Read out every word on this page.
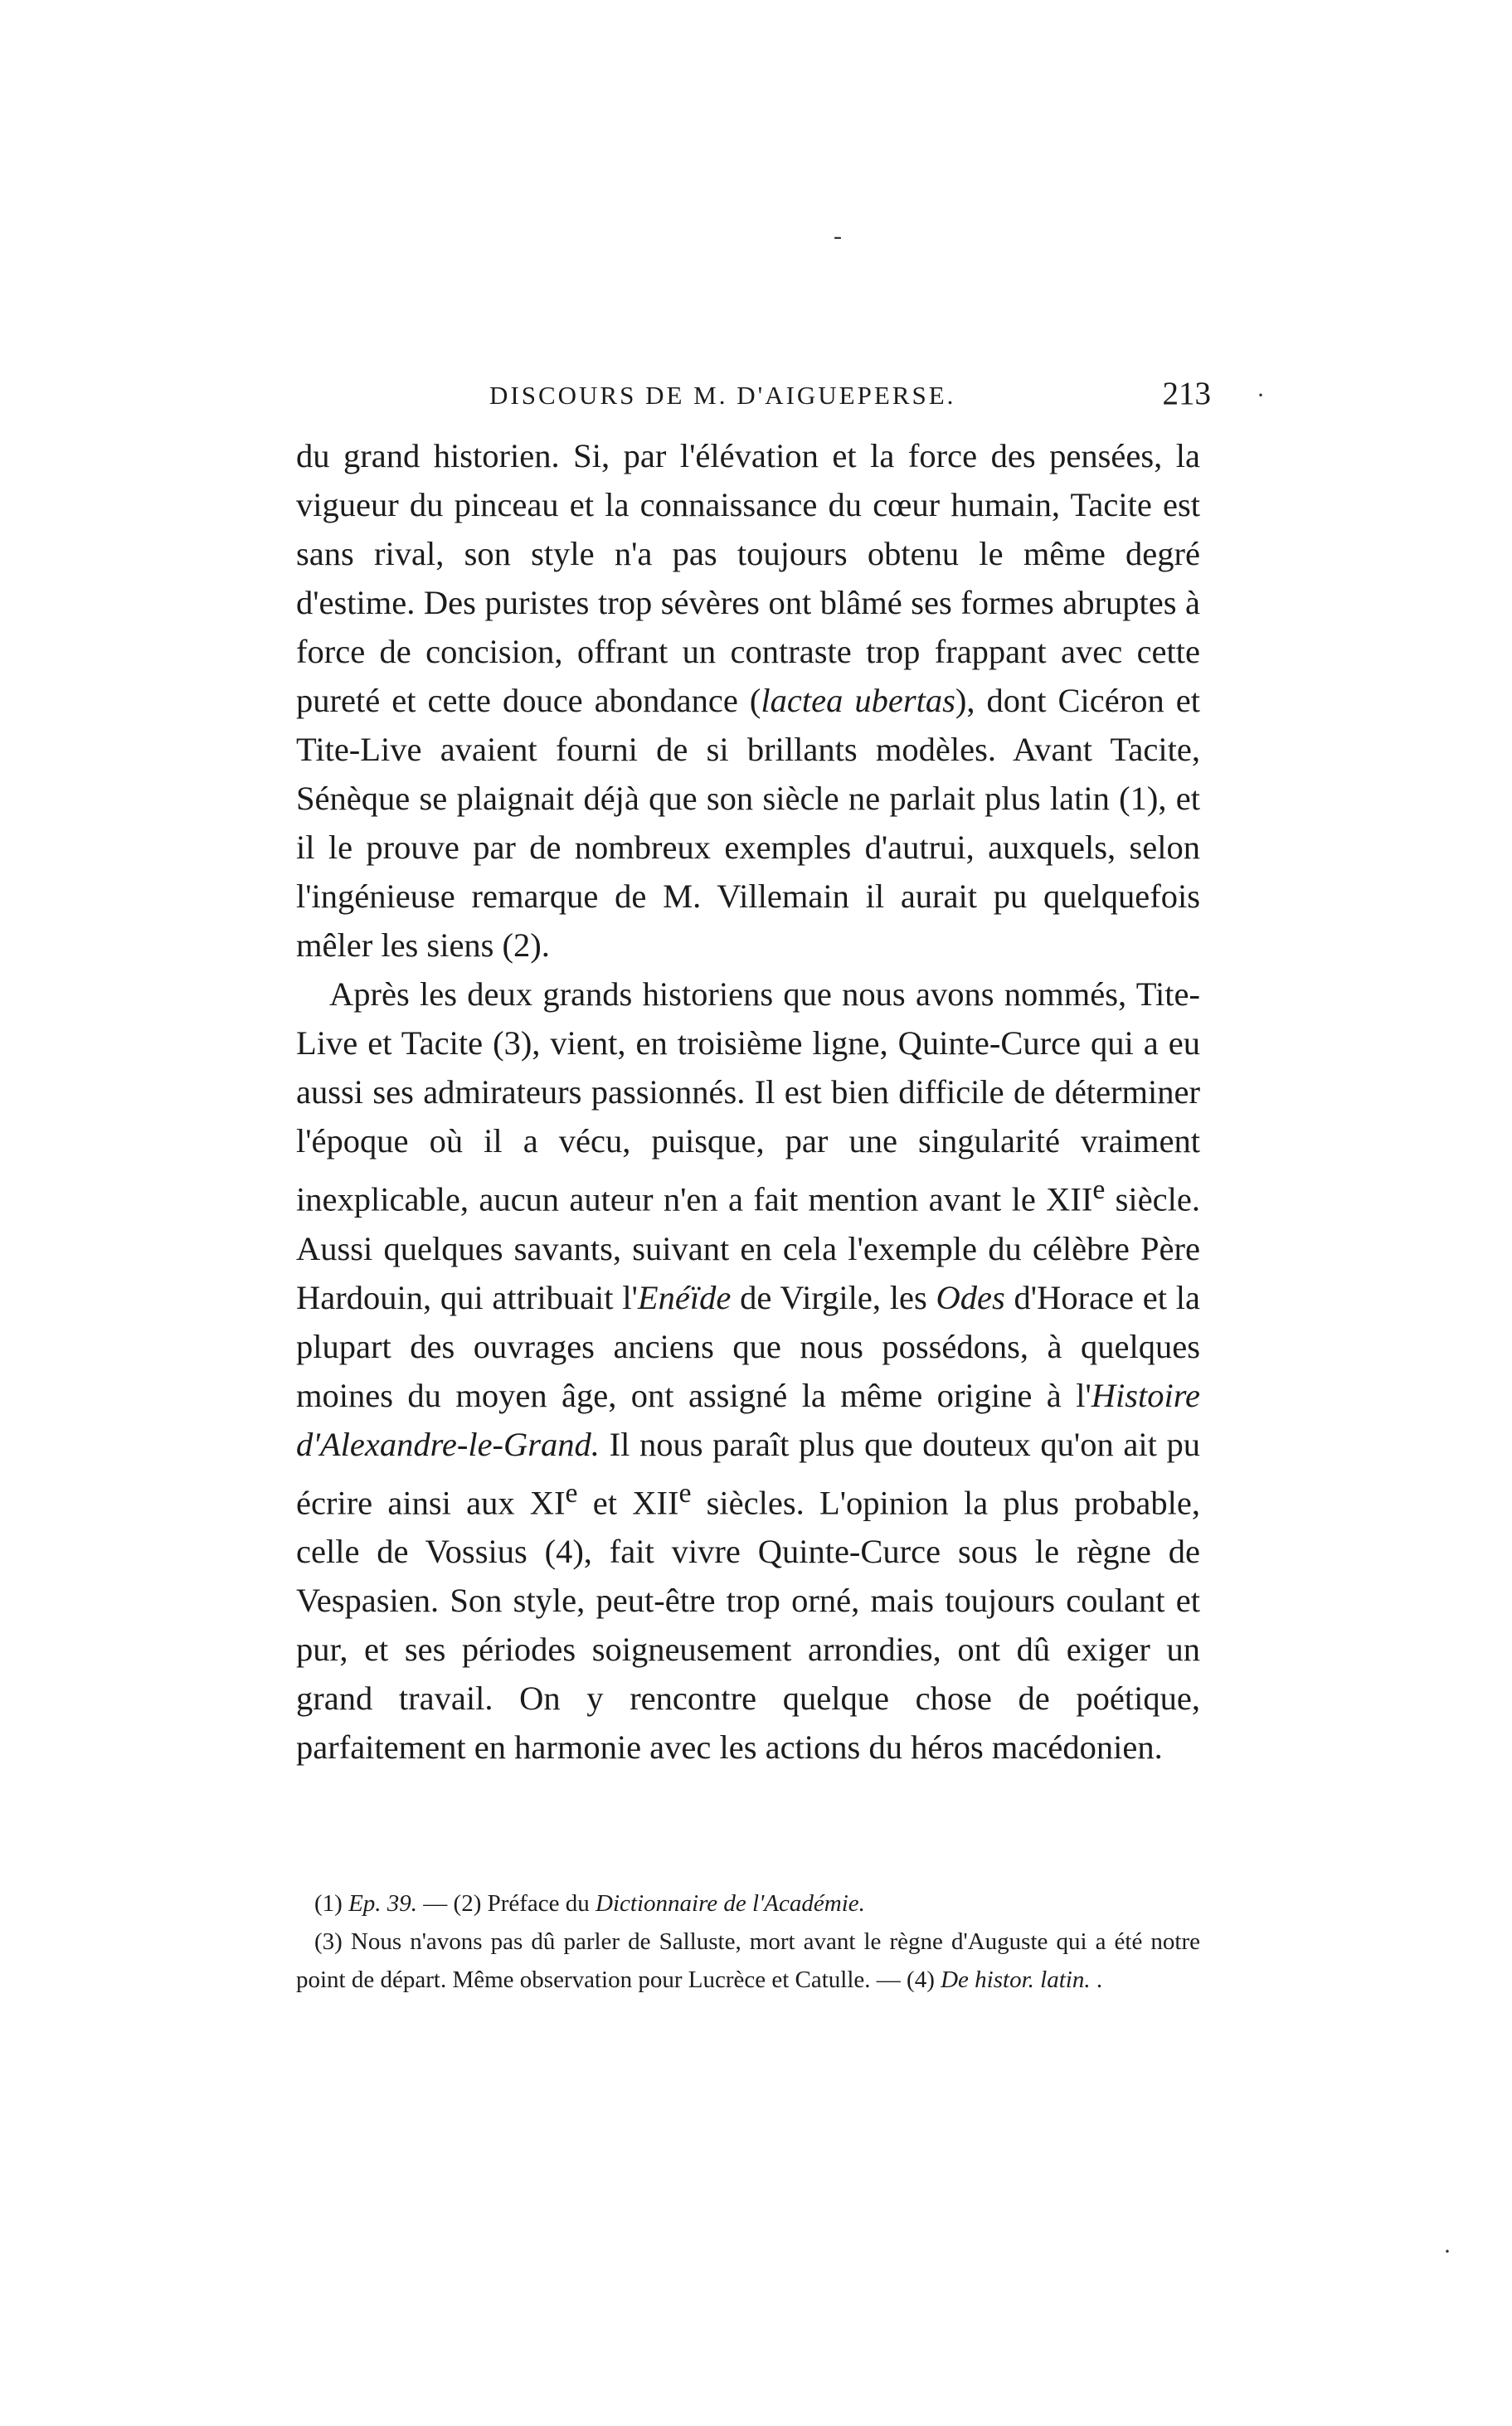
-
·
DISCOURS DE M. D'AIGUEPERSE.	213

du grand historien. Si, par l'élévation et la force des pensées, la vigueur du pinceau et la connaissance du cœur humain, Tacite est sans rival, son style n'a pas toujours obtenu le même degré d'estime. Des puristes trop sévères ont blâmé ses formes abruptes à force de concision, offrant un contraste trop frappant avec cette pureté et cette douce abondance (lactea ubertas), dont Cicéron et Tite-Live avaient fourni de si brillants modèles. Avant Tacite, Sénèque se plaignait déjà que son siècle ne parlait plus latin (1), et il le prouve par de nombreux exemples d'autrui, auxquels, selon l'ingénieuse remarque de M. Villemain il aurait pu quelquefois mêler les siens (2).

Après les deux grands historiens que nous avons nommés, Tite-Live et Tacite (3), vient, en troisième ligne, Quinte-Curce qui a eu aussi ses admirateurs passionnés. Il est bien difficile de déterminer l'époque où il a vécu, puisque, par une singularité vraiment inexplicable, aucun auteur n'en a fait mention avant le XIIe siècle. Aussi quelques savants, suivant en cela l'exemple du célèbre Père Hardouin, qui attribuait l'Enéïde de Virgile, les Odes d'Horace et la plupart des ouvrages anciens que nous possédons, à quelques moines du moyen âge, ont assigné la même origine à l'Histoire d'Alexandre-le-Grand. Il nous paraît plus que douteux qu'on ait pu écrire ainsi aux XIe et XIIe siècles. L'opinion la plus probable, celle de Vossius (4), fait vivre Quinte-Curce sous le règne de Vespasien. Son style, peut-être trop orné, mais toujours coulant et pur, et ses périodes soigneusement arrondies, ont dû exiger un grand travail. On y rencontre quelque chose de poétique, parfaitement en harmonie avec les actions du héros macédonien.

(1) Ep. 39. — (2) Préface du Dictionnaire de l'Académie.

(3) Nous n'avons pas dû parler de Salluste, mort avant le règne d'Auguste qui a été notre point de départ. Même observation pour Lucrèce et Catulle. — (4) De histor. latin. .

·
